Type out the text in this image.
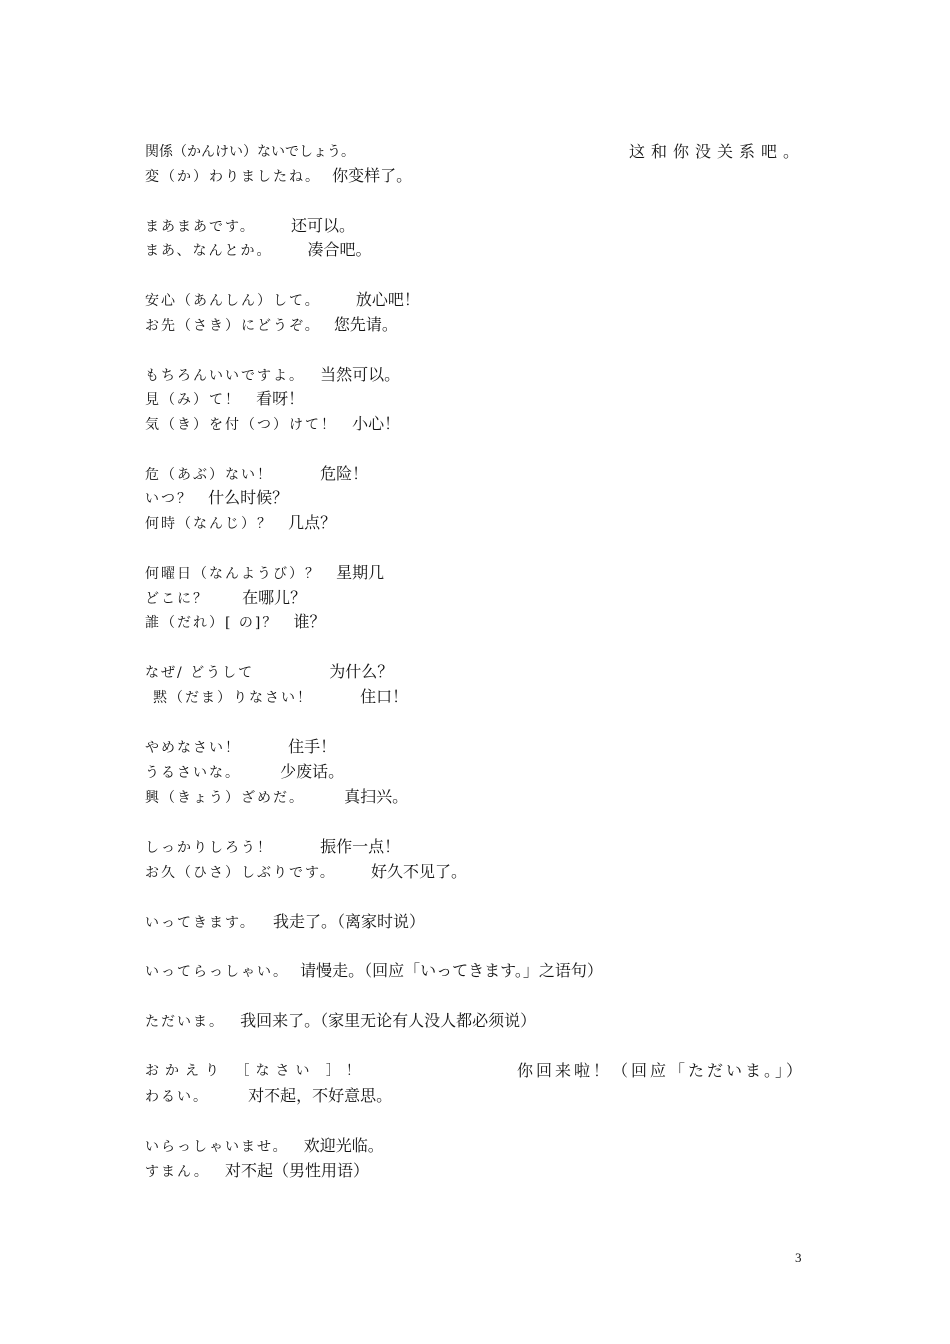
関係（かんけい）ないでしょう。	这和你没关系吧。
変（か）わりましたね。 你变样了。
まあまあです。 还可以。
まあ、なんとか。 凑合吧。
安心（あんしん）して。 放心吧！
お先（さき）にどうぞ。 您先请。
もちろんいいですよ。 当然可以。
見（み）て！ 看呀！
気（き）を付（つ）けて！ 小心！
危（あぶ）ない！	危险！
いつ？ 什么时候？
何時（なんじ）？ 几点？
何曜日（なんようび）？ 星期几
どこに？ 在哪儿？
誰（だれ）[ の]？ 谁？
なぜ/ どうして	为什么？
黙（だま）りなさい！	住口！
やめなさい！	住手！
うるさいな。 少废话。
興（きょう）ざめだ。 真扫兴。
しっかりしろう！	振作一点！
お久（ひさ）しぶりです。 好久不见了。
いってきます。 我走了。（离家时说）
いってらっしゃい。 请慢走。（回应「いってきます。」之语句）
ただいま。 我回来了。（家里无论有人没人都必须说）
おかえり ［なさい ］！	你回来啦！（回应「ただいま。」）
わるい。 对不起，不好意思。
いらっしゃいませ。 欢迎光临。
すまん。 对不起（男性用语）
3
